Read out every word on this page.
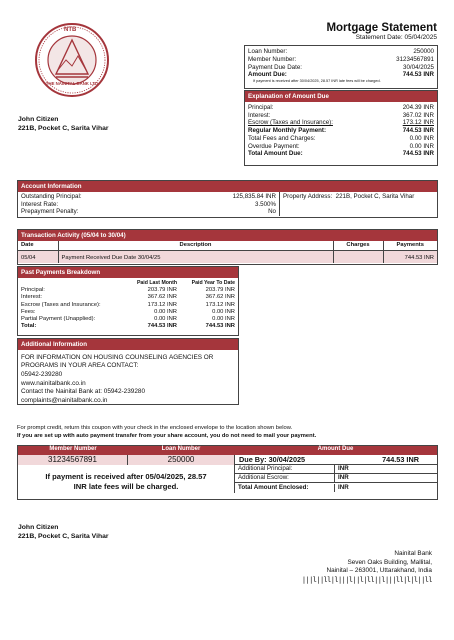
NTB
THE NAINITAL BANK LTD
Mortgage Statement
Statement Date: 05/04/2025
Loan Number:	250000
Member Number:	31234567891
Payment Due Date:	30/04/2025
Amount Due:	744.53 INR
If payment is received after 30/04/2025, 28.57 INR late fees will be charged.
Explanation of Amount Due
Principal:	204.39 INR
Interest:	367.02 INR
Escrow (Taxes and Insurance):	173.12 INR
Regular Monthly Payment:	744.53 INR
Total Fees and Charges:	0.00 INR
Overdue Payment:	0.00 INR
Total Amount Due:	744.53 INR
John Citizen
221B, Pocket C, Sarita Vihar
Account Information
Outstanding Principal:	125,835.84 INR
Interest Rate:	3.500%
Prepayment Penalty:	No
Property Address: 221B, Pocket C, Sarita Vihar
Transaction Activity (05/04 to 30/04)
Date	Description	Charges	Payments
05/04	Payment Received Due Date 30/04/25		744.53 INR
Past Payments Breakdown
	Paid Last Month	Paid Year To Date
Principal:	203.79 INR	203.79 INR
Interest:	367.62 INR	367.62 INR
Escrow (Taxes and Insurance):	173.12 INR	173.12 INR
Fees:	0.00 INR	0.00 INR
Partial Payment (Unapplied):	0.00 INR	0.00 INR
Total:	744.53 INR	744.53 INR
Additional Information
FOR INFORMATION ON HOUSING COUNSELING AGENCIES OR PROGRAMS IN YOUR AREA CONTACT:
05942-239280
www.nainitalbank.co.in
Contact the Nainital Bank at: 05942-239280
complaints@nainitalbank.co.in
For prompt credit, return this coupon with your check in the enclosed envelope to the location shown below.
If you are set up with auto payment transfer from your share account, you do not need to mail your payment.
Member Number	Loan Number	Amount Due
31234567891	250000
If payment is received after 05/04/2025, 28.57 INR late fees will be charged.
Due By: 30/04/2025	744.53 INR
Additional Principal:	INR
Additional Escrow:	INR
Total Amount Enclosed:	INR
John Citizen
221B, Pocket C, Sarita Vihar
Nainital Bank
Seven Oaks Building, Mallital,
Nainital – 263001, Uttarakhand, India
|||l||ll|l|||l||l|ll||l|||ll|l|l||ll
